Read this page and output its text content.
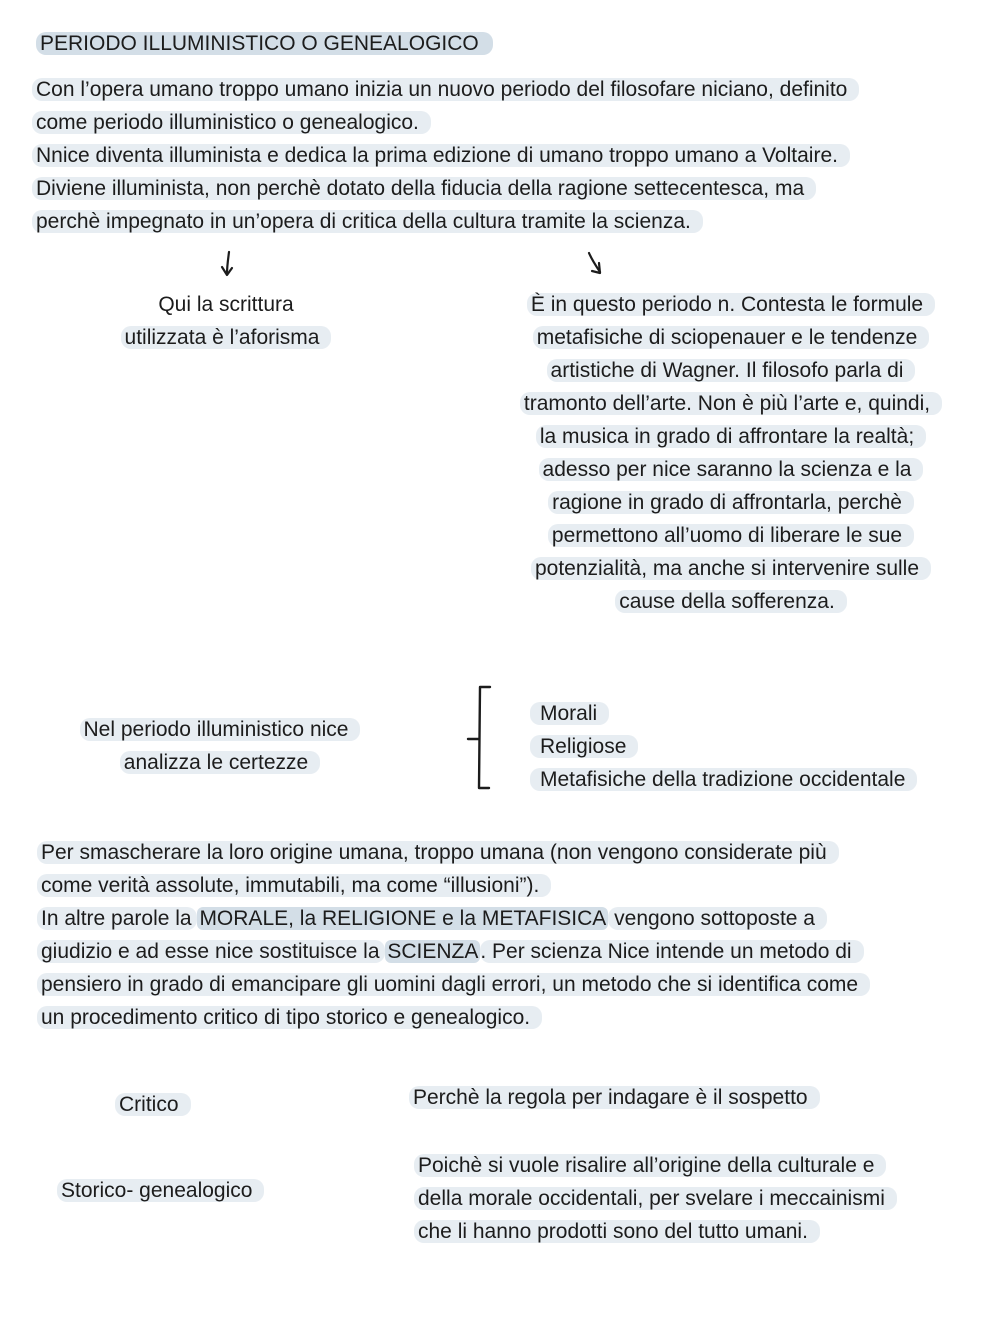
PERIODO ILLUMINISTICO O GENEALOGICO

Con l’opera umano troppo umano inizia un nuovo periodo del filosofare niciano, definito

come periodo illuministico o genealogico.

Nnice diventa illuminista e dedica la prima edizione di umano troppo umano a Voltaire.

Diviene illuminista, non perchè dotato della fiducia della ragione settecentesca, ma

perchè impegnato in un’opera di critica della cultura tramite la scienza.

Qui la scrittura

utilizzata è l’aforisma

È in questo periodo n. Contesta le formule

metafisiche di sciopenauer e le tendenze

artistiche di Wagner. Il filosofo parla di

tramonto dell’arte. Non è più l’arte e, quindi,

la musica in grado di affrontare la realtà;

adesso per nice saranno la scienza e la

ragione in grado di affrontarla, perchè

permettono all’uomo di liberare le sue

potenzialità, ma anche si intervenire sulle

cause della sofferenza.

Nel periodo illuministico nice

analizza le certezze

Morali

Religiose

Metafisiche della tradizione occidentale

Per smascherare la loro origine umana, troppo umana (non vengono considerate più

come verità assolute, immutabili, ma come “illusioni”).

In altre parole la MORALE, la RELIGIONE e la METAFISICA vengono sottoposte a

giudizio e ad esse nice sostituisce la SCIENZA. Per scienza Nice intende un metodo di

pensiero in grado di emancipare gli uomini dagli errori, un metodo che si identifica come

un procedimento critico di tipo storico e genealogico.

Critico	Perchè la regola per indagare è il sospetto
Storico- genealogico

Poichè si vuole risalire all’origine della culturale e

della morale occidentali, per svelare i meccainismi

che li hanno prodotti sono del tutto umani.
